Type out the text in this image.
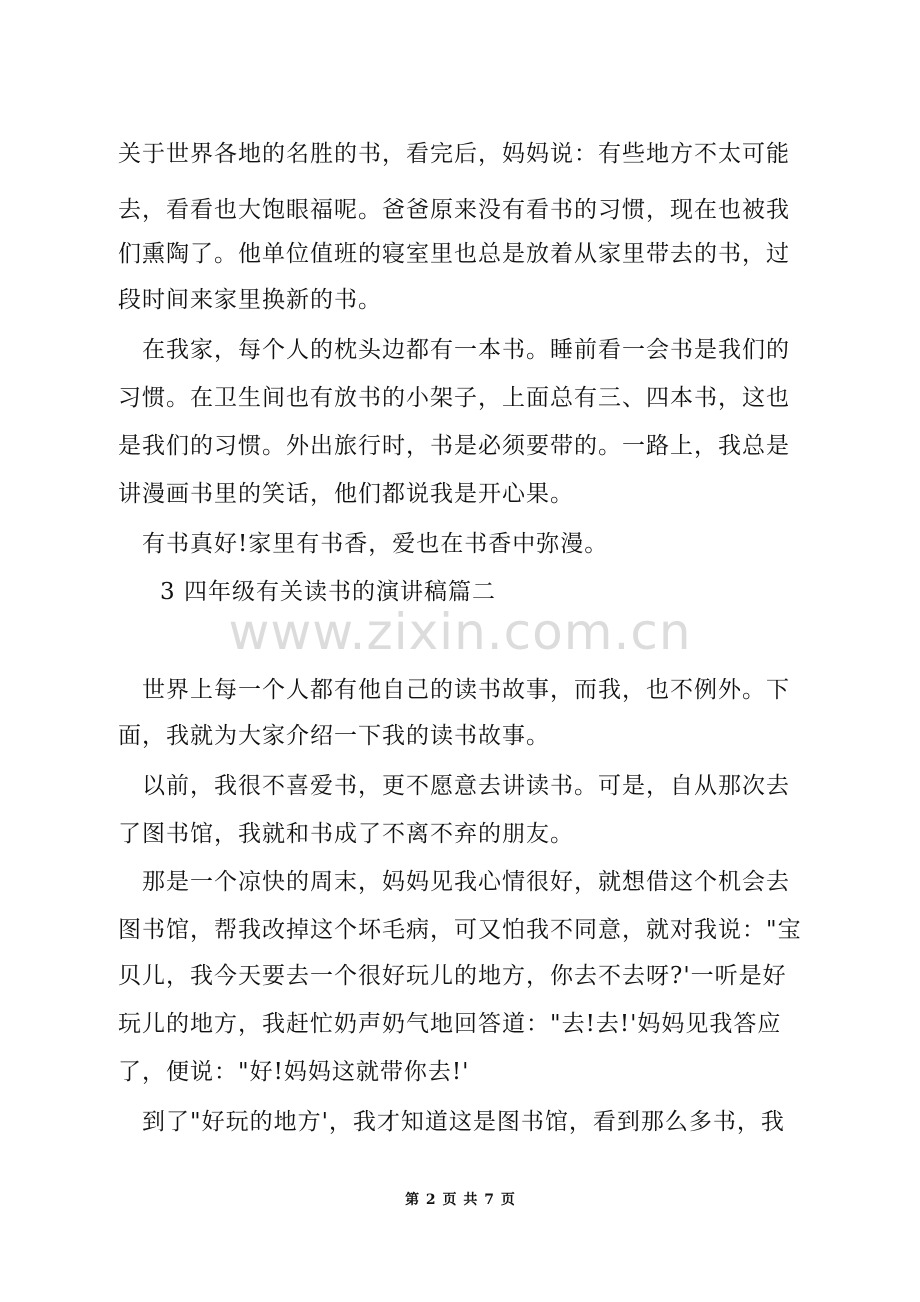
关于世界各地的名胜的书，看完后，妈妈说：有些地方不太可能
去，看看也大饱眼福呢。爸爸原来没有看书的习惯，现在也被我
们熏陶了。他单位值班的寝室里也总是放着从家里带去的书，过
段时间来家里换新的书。
在我家，每个人的枕头边都有一本书。睡前看一会书是我们的
习惯。在卫生间也有放书的小架子，上面总有三、四本书，这也
是我们的习惯。外出旅行时，书是必须要带的。一路上，我总是
讲漫画书里的笑话，他们都说我是开心果。
有书真好!家里有书香，爱也在书香中弥漫。
3 四年级有关读书的演讲稿篇二
www.zixin.com.cn
世界上每一个人都有他自己的读书故事，而我，也不例外。下
面，我就为大家介绍一下我的读书故事。
以前，我很不喜爱书，更不愿意去讲读书。可是，自从那次去
了图书馆，我就和书成了不离不弃的朋友。
那是一个凉快的周末，妈妈见我心情很好，就想借这个机会去
图书馆，帮我改掉这个坏毛病，可又怕我不同意，就对我说："宝
贝儿，我今天要去一个很好玩儿的地方，你去不去呀?'一听是好
玩儿的地方，我赶忙奶声奶气地回答道："去!去!'妈妈见我答应
了，便说："好!妈妈这就带你去!'
到了"好玩的地方'，我才知道这是图书馆，看到那么多书，我
第 2 页 共 7 页
